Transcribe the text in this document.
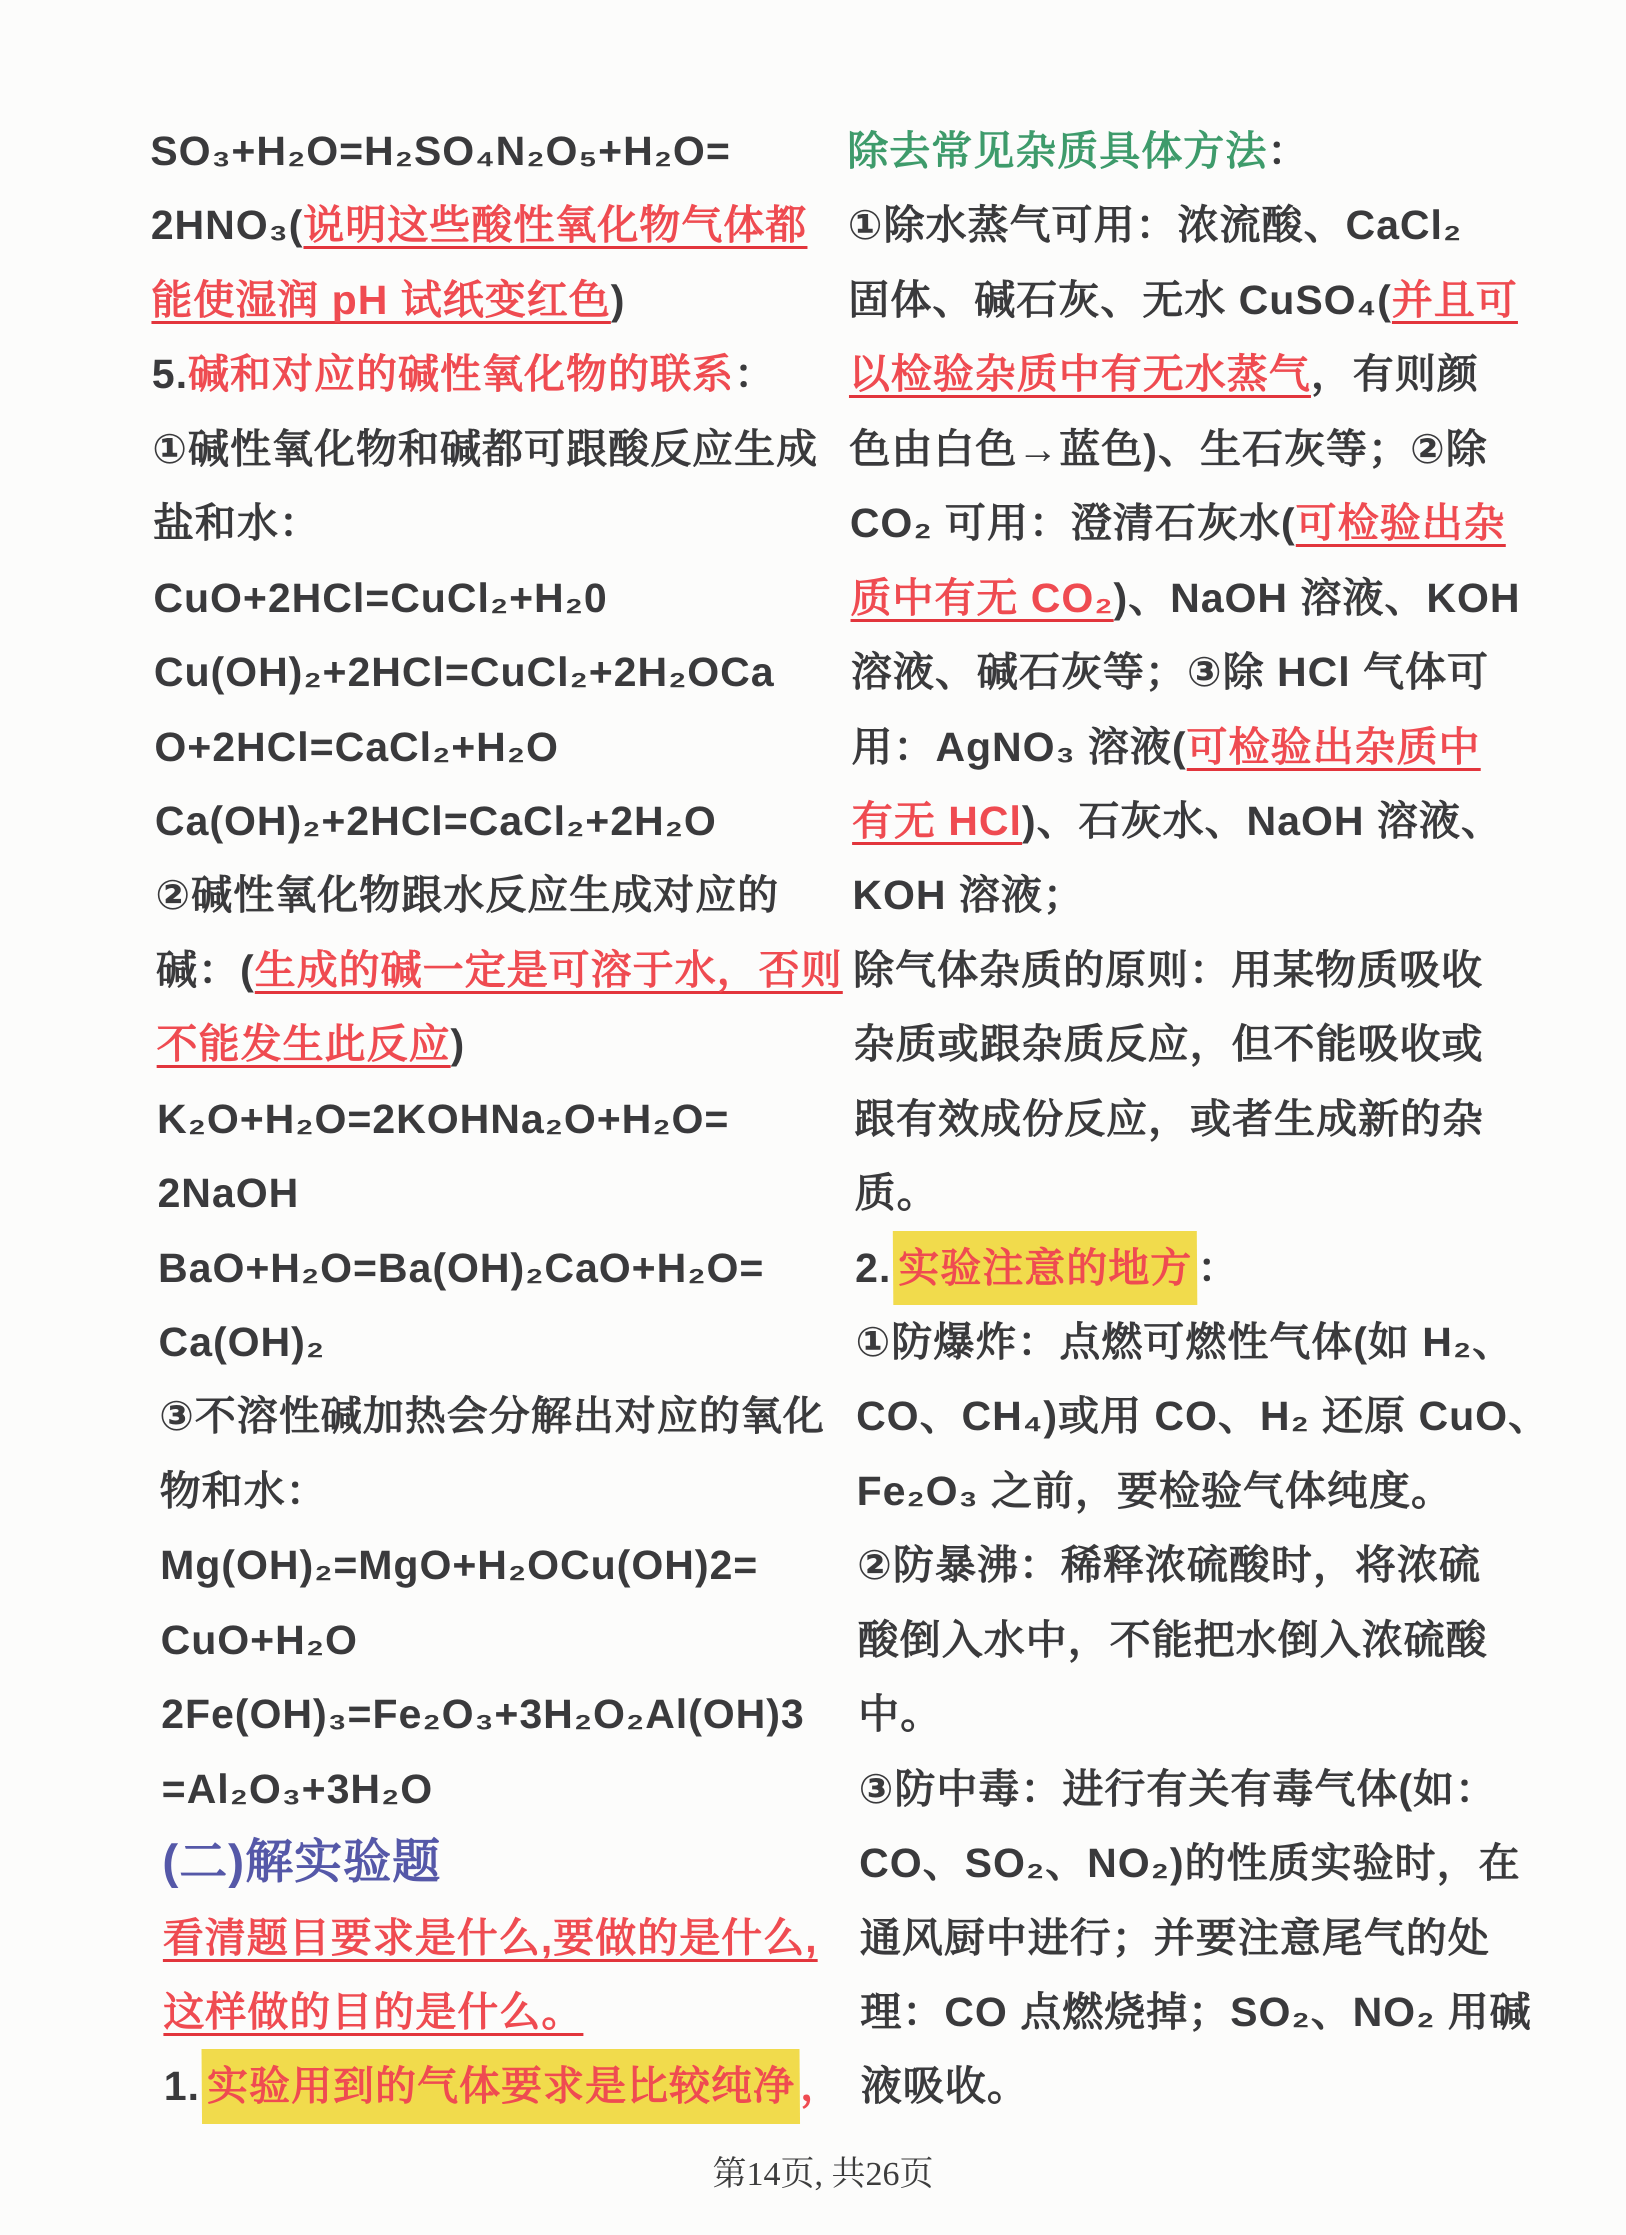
SO₃+H₂O=H₂SO₄N₂O₅+H₂O=
2HNO₃(说明这些酸性氧化物气体都
能使湿润 pH 试纸变红色)
5.碱和对应的碱性氧化物的联系：
①碱性氧化物和碱都可跟酸反应生成
盐和水：
CuO+2HCl=CuCl₂+H₂0
Cu(OH)₂+2HCl=CuCl₂+2H₂OCa
O+2HCl=CaCl₂+H₂O
Ca(OH)₂+2HCl=CaCl₂+2H₂O
②碱性氧化物跟水反应生成对应的
碱：(生成的碱一定是可溶于水，否则
不能发生此反应)
K₂O+H₂O=2KOHNa₂O+H₂O=
2NaOH
BaO+H₂O=Ba(OH)₂CaO+H₂O=
Ca(OH)₂
③不溶性碱加热会分解出对应的氧化
物和水：
Mg(OH)₂=MgO+H₂OCu(OH)2=
CuO+H₂O
2Fe(OH)₃=Fe₂O₃+3H₂O₂Al(OH)3
=Al₂O₃+3H₂O
(二)解实验题
看清题目要求是什么,要做的是什么,
这样做的目的是什么。
1. 实验用到的气体要求是比较纯净 ，
除去常见杂质具体方法：
①除水蒸气可用：浓流酸、CaCl₂
固体、碱石灰、无水 CuSO₄(并且可
以检验杂质中有无水蒸气，有则颜
色由白色→蓝色)、生石灰等；②除
CO₂ 可用：澄清石灰水(可检验出杂
质中有无 CO₂)、NaOH 溶液、KOH
溶液、碱石灰等；③除 HCl 气体可
用：AgNO₃ 溶液(可检验出杂质中
有无 HCl)、石灰水、NaOH 溶液、
KOH 溶液；
除气体杂质的原则：用某物质吸收
杂质或跟杂质反应，但不能吸收或
跟有效成份反应，或者生成新的杂
质。
2. 实验注意的地方 ：
①防爆炸：点燃可燃性气体(如 H₂、
CO、CH₄)或用 CO、H₂ 还原 CuO、
Fe₂O₃ 之前，要检验气体纯度。
②防暴沸：稀释浓硫酸时，将浓硫
酸倒入水中，不能把水倒入浓硫酸
中。
③防中毒：进行有关有毒气体(如：
CO、SO₂、NO₂)的性质实验时，在
通风厨中进行；并要注意尾气的处
理：CO 点燃烧掉；SO₂、NO₂ 用碱
液吸收。
第14页, 共26页
